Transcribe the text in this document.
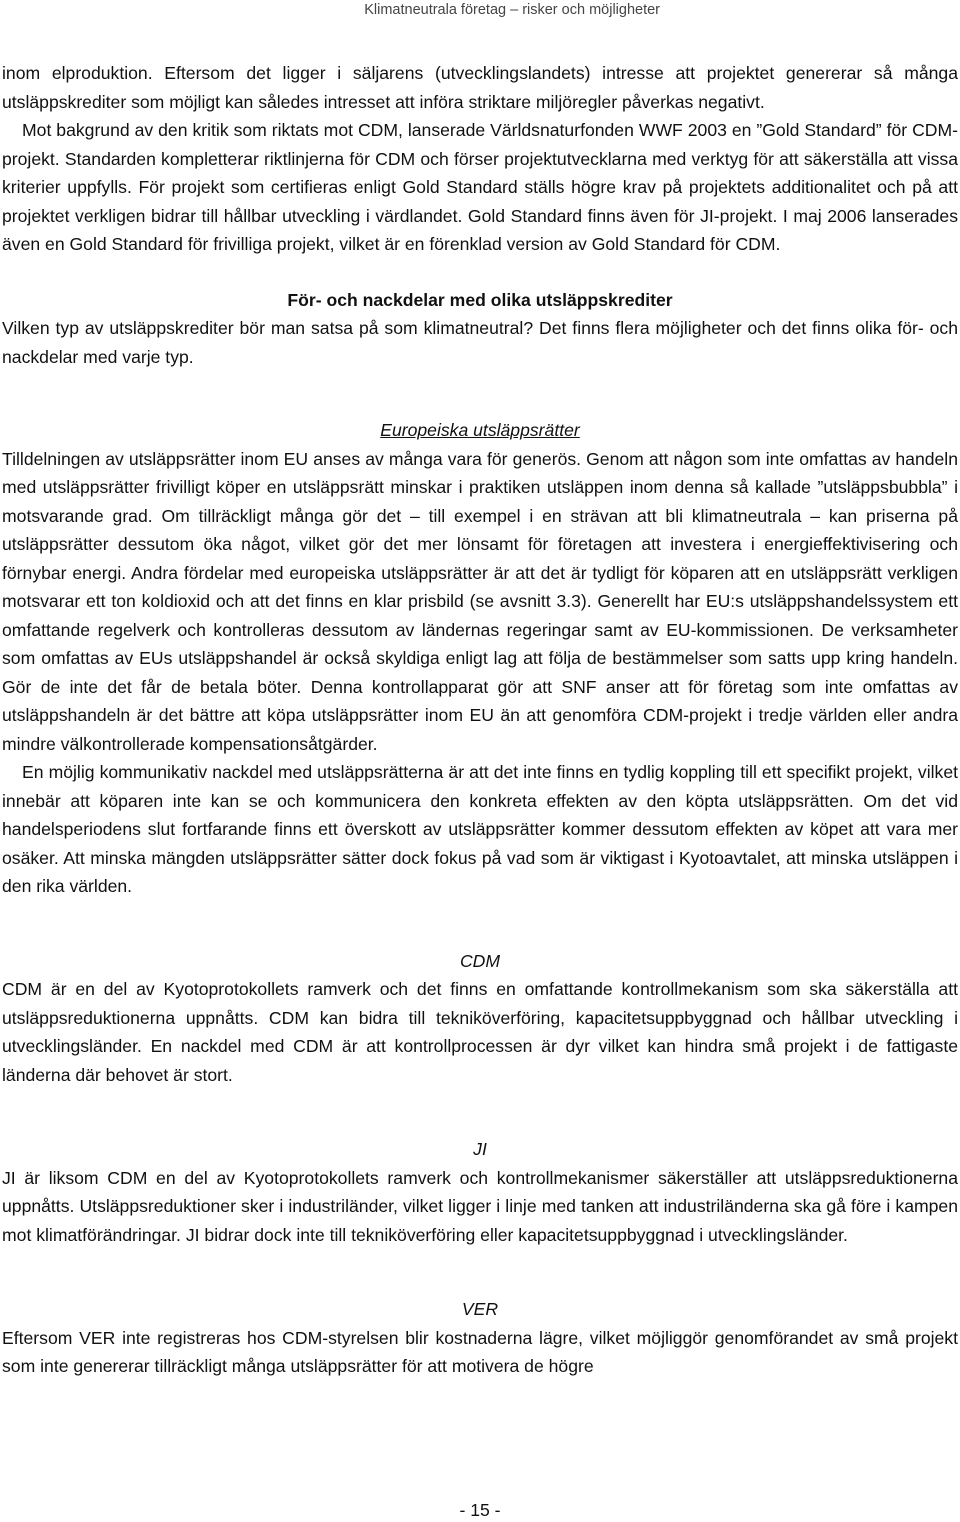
Klimatneutrala företag – risker och möjligheter

inom elproduktion. Eftersom det ligger i säljarens (utvecklingslandets) intresse att projektet genererar så många utsläppskrediter som möjligt kan således intresset att införa striktare miljöregler påverkas negativt.

Mot bakgrund av den kritik som riktats mot CDM, lanserade Världsnaturfonden WWF 2003 en ”Gold Standard” för CDM-projekt. Standarden kompletterar riktlinjerna för CDM och förser projektutvecklarna med verktyg för att säkerställa att vissa kriterier uppfylls. För projekt som certifieras enligt Gold Standard ställs högre krav på projektets additionalitet och på att projektet verkligen bidrar till hållbar utveckling i värdlandet. Gold Standard finns även för JI-projekt. I maj 2006 lanserades även en Gold Standard för frivilliga projekt, vilket är en förenklad version av Gold Standard för CDM.

För- och nackdelar med olika utsläppskrediter

Vilken typ av utsläppskrediter bör man satsa på som klimatneutral? Det finns flera möjligheter och det finns olika för- och nackdelar med varje typ.

Europeiska utsläppsrätter

Tilldelningen av utsläppsrätter inom EU anses av många vara för generös. Genom att någon som inte omfattas av handeln med utsläppsrätter frivilligt köper en utsläppsrätt minskar i praktiken utsläppen inom denna så kallade ”utsläppsbubbla” i motsvarande grad. Om tillräckligt många gör det – till exempel i en strävan att bli klimatneutrala – kan priserna på utsläppsrätter dessutom öka något, vilket gör det mer lönsamt för företagen att investera i energieffektivisering och förnybar energi. Andra fördelar med europeiska utsläppsrätter är att det är tydligt för köparen att en utsläppsrätt verkligen motsvarar ett ton koldioxid och att det finns en klar prisbild (se avsnitt 3.3). Generellt har EU:s utsläppshandelssystem ett omfattande regelverk och kontrolleras dessutom av ländernas regeringar samt av EU-kommissionen. De verksamheter som omfattas av EUs utsläppshandel är också skyldiga enligt lag att följa de bestämmelser som satts upp kring handeln. Gör de inte det får de betala böter. Denna kontrollapparat gör att SNF anser att för företag som inte omfattas av utsläppshandeln är det bättre att köpa utsläppsrätter inom EU än att genomföra CDM-projekt i tredje världen eller andra mindre välkontrollerade kompensationsåtgärder.

En möjlig kommunikativ nackdel med utsläppsrätterna är att det inte finns en tydlig koppling till ett specifikt projekt, vilket innebär att köparen inte kan se och kommunicera den konkreta effekten av den köpta utsläppsrätten. Om det vid handelsperiodens slut fortfarande finns ett överskott av utsläppsrätter kommer dessutom effekten av köpet att vara mer osäker. Att minska mängden utsläppsrätter sätter dock fokus på vad som är viktigast i Kyotoavtalet, att minska utsläppen i den rika världen.

CDM

CDM är en del av Kyotoprotokollets ramverk och det finns en omfattande kontrollmekanism som ska säkerställa att utsläppsreduktionerna uppnåtts. CDM kan bidra till tekniköverföring, kapacitetsuppbyggnad och hållbar utveckling i utvecklingsländer. En nackdel med CDM är att kontrollprocessen är dyr vilket kan hindra små projekt i de fattigaste länderna där behovet är stort.

JI

JI är liksom CDM en del av Kyotoprotokollets ramverk och kontrollmekanismer säkerställer att utsläppsreduktionerna uppnåtts. Utsläppsreduktioner sker i industriländer, vilket ligger i linje med tanken att industriländerna ska gå före i kampen mot klimatförändringar. JI bidrar dock inte till tekniköverföring eller kapacitetsuppbyggnad i utvecklingsländer.

VER

Eftersom VER inte registreras hos CDM-styrelsen blir kostnaderna lägre, vilket möjliggör genomförandet av små projekt som inte genererar tillräckligt många utsläppsrätter för att motivera de högre

- 15 -
